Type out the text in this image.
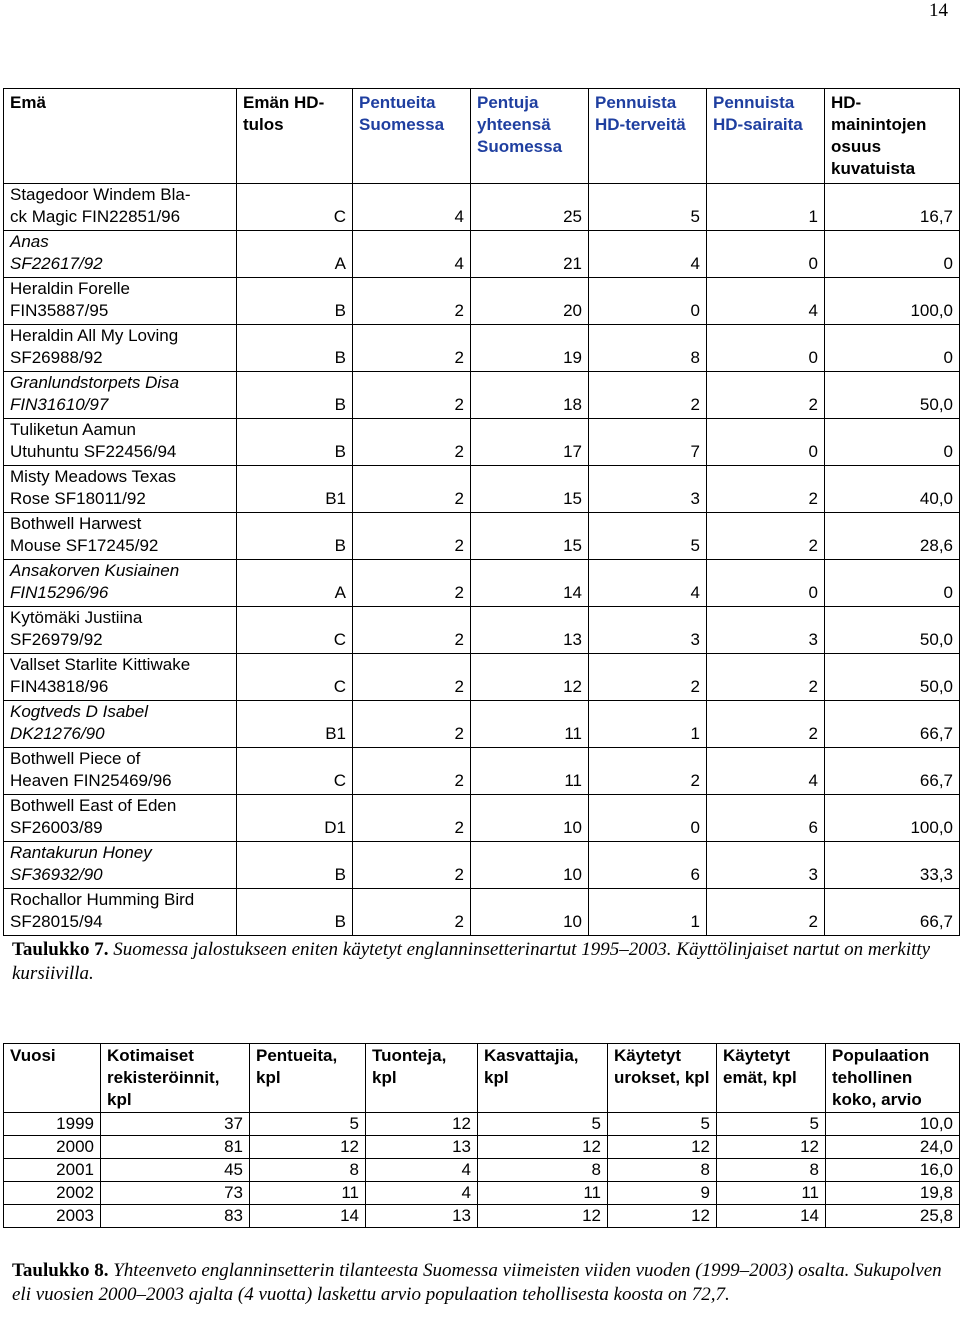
14
Emä	Emän HD-tulos	Pentueita Suomessa	Pentuja yhteensä Suomessa	Pennuista HD-terveitä	Pennuista HD-sairaita	HD-mainintojen osuus kuvatuista
Stagedoor Windem Bla-
ck Magic FIN22851/96	C	4	25	5	1	16,7
Anas
SF22617/92	A	4	21	4	0	0
Heraldin Forelle
FIN35887/95	B	2	20	0	4	100,0
Heraldin All My Loving
SF26988/92	B	2	19	8	0	0
Granlundstorpets Disa
FIN31610/97	B	2	18	2	2	50,0
Tuliketun Aamun
Utuhuntu SF22456/94	B	2	17	7	0	0
Misty Meadows Texas
Rose SF18011/92	B1	2	15	3	2	40,0
Bothwell Harwest
Mouse SF17245/92	B	2	15	5	2	28,6
Ansakorven Kusiainen
FIN15296/96	A	2	14	4	0	0
Kytömäki Justiina
SF26979/92	C	2	13	3	3	50,0
Vallset Starlite Kittiwake
FIN43818/96	C	2	12	2	2	50,0
Kogtveds D Isabel
DK21276/90	B1	2	11	1	2	66,7
Bothwell Piece of
Heaven FIN25469/96	C	2	11	2	4	66,7
Bothwell East of Eden
SF26003/89	D1	2	10	0	6	100,0
Rantakurun Honey
SF36932/90	B	2	10	6	3	33,3
Rochallor Humming Bird
SF28015/94	B	2	10	1	2	66,7
Taulukko 7. Suomessa jalostukseen eniten käytetyt englanninsetterinartut 1995–2003. Käyttölinjaiset nartut on merkitty kursiivilla.
Vuosi	Kotimaiset rekisteröinnit, kpl	Pentueita, kpl	Tuonteja, kpl	Kasvattajia, kpl	Käytetyt urokset, kpl	Käytetyt emät, kpl	Populaation tehollinen koko, arvio
1999	37	5	12	5	5	5	10,0
2000	81	12	13	12	12	12	24,0
2001	45	8	4	8	8	8	16,0
2002	73	11	4	11	9	11	19,8
2003	83	14	13	12	12	14	25,8
Taulukko 8. Yhteenveto englanninsetterin tilanteesta Suomessa viimeisten viiden vuoden (1999–2003) osalta. Sukupolven eli vuosien 2000–2003 ajalta (4 vuotta) laskettu arvio populaation tehollisesta koosta on 72,7.
